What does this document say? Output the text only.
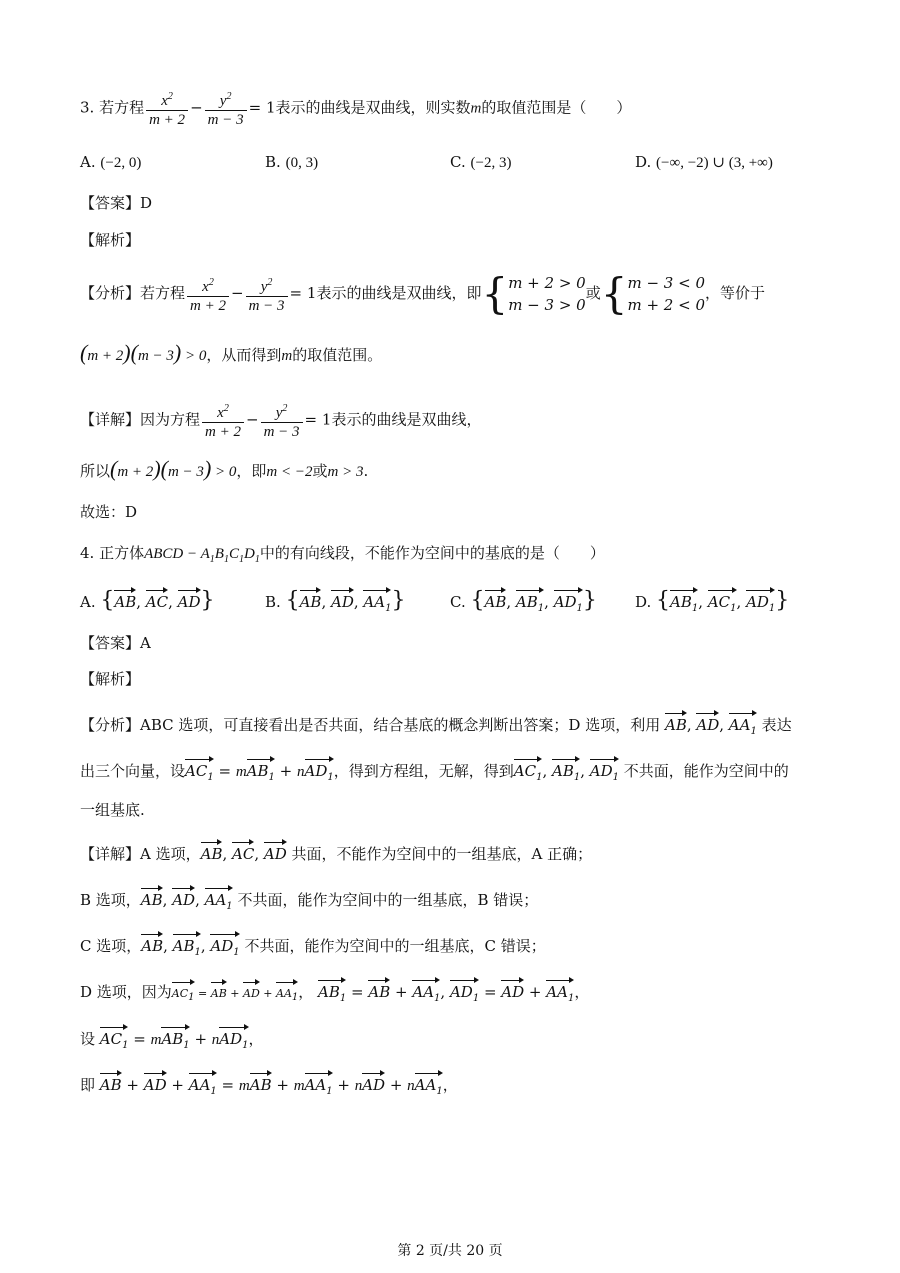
3. 若方程 $\frac{x^2}{m + 2} - \frac{y^2}{m - 3} = 1$表示的曲线是双曲线，则实数m的取值范围是（　　）
A. (−2, 0)	B. (0, 3)	C. (−2, 3)	D. (−∞, −2) ∪ (3, +∞)
【答案】D
【解析】
【分析】若方程 $\frac{x^2}{m + 2} - \frac{y^2}{m - 3} = 1$表示的曲线是双曲线，即{ m + 2 > 0
m − 3 > 0
或{ m − 3 < 0
m + 2 < 0
，等价于
(m + 2)(m − 3) > 0，从而得到m的取值范围。
【详解】因为方程 $\frac{x^2}{m + 2} - \frac{y^2}{m - 3} = 1$表示的曲线是双曲线，
所以(m + 2)(m − 3) > 0，即m < −2或m > 3.
故选：D
4. 正方体ABCD − $A_1B_1C_1D_1$中的有向线段，不能作为空间中的基底的是（　　）
A. {AB, AC, AD}	B. {AB, AD, $AA_1$}	C. {AB, $AB_1$, $AD_1$}	D. {$AB_1$, $AC_1$, $AD_1$}
【答案】A
【解析】
【分析】ABC 选项，可直接看出是否共面，结合基底的概念判断出答案；D 选项，利用 AB, AD, $AA_1$ 表达
出三个向量，设$AC_1 = mAB_1 + nAD_1$，得到方程组，无解，得到$AC_1$, $AB_1$, $AD_1$ 不共面，能作为空间中的
一组基底.
【详解】A 选项，AB, AC, AD 共面，不能作为空间中的一组基底，A 正确；
B 选项，AB, AD, $AA_1$ 不共面，能作为空间中的一组基底，B 错误；
C 选项，AB, $AB_1$, $AD_1$ 不共面，能作为空间中的一组基底，C 错误；
D 选项，因为$AC_1$ = AB + AD + $AA_1$， $AB_1$ = AB + $AA_1$, $AD_1$ = AD + $AA_1$，
设 $AC_1 = mAB_1 + nAD_1$，
即 AB + AD + $AA_1$ = mAB + mAA$_1$ + nAD + nAA$_1$，
第 2 页/共 20 页
